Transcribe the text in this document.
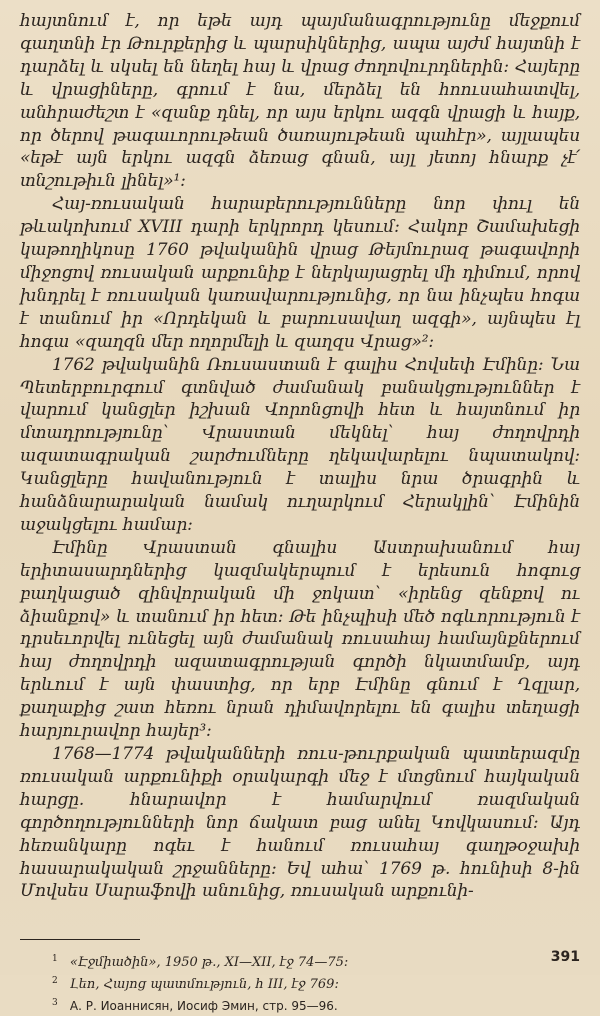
հայտնում է, որ եթե այդ պայմանագրությունը մեջքում գաղտնի էր Թուրքերից և պարսիկներից, ապա այժմ հայտնի է դարձել և սկսել են նեղել հայ և վրաց ժողովուրդներին: Հայերը և վրացիները, գրում է նա, մերձել են հոուսահատվել, անհրաժեշտ է «զանք դնել, որ այս երկու ազգն վրացի և հայք, որ ծերով թագաւորութեան ծառայութեան պահէր», այլապես «եթէ այն երկու ազգն ձեռաց գնան, այլ յետոյ հնարք չէ՛ տնշութիւն լինել»¹:

Հայ-ռուսական հարաբերությունները նոր փուլ են թևակոխում XVIII դարի երկրորդ կեսում: Հակոբ Շամախեցի կաթողիկոսը 1760 թվականին վրաց Թեյմուրազ թագավորի միջոցով ռուսական արքունիք է ներկայացրել մի դիմում, որով խնդրել է ռուսական կառավարությունից, որ նա ինչպես հոգա է տանում իր «Որդեկան և բարուսավաղ ազգի», այնպես էլ հոգա «զաղզն մեր ողորմելի և զաղզս Վրաց»²:

1762 թվականին Ռուսաստան է գալիս Հովսեփ Էմինը: Նա Պետերբուրգում գտնված ժամանակ բանակցություններ է վարում կանցլեր իշխան Վորոնցովի հետ և հայտնում իր մտադրությունը՝ Վրաստան մեկնել՝ հայ ժողովրդի ազատագրական շարժումները ղեկավարելու նպատակով: Կանցլերը հավանություն է տալիս նրա ծրագրին և հանձնարարական նամակ ուղարկում Հերակլին՝ Էմինին աջակցելու համար:

Էմինը Վրաստան գնալիս Աստրախանում հայ երիտասարդներից կազմակերպում է երեսուն հոգուց բաղկացած զինվորական մի ջոկատ՝ «իրենց զենքով ու ձիանքով» և տանում իր հետ: Թե ինչպիսի մեծ ոգևորություն է դրսեւորվել ունեցել այն ժամանակ ռուսահայ համայնքներում հայ ժողովրդի ազատագրության գործի նկատմամբ, այդ երևում է այն փաստից, որ երբ Էմինը գնում է Ղզլար, քաղաքից շատ հեռու նրան դիմավորելու են գալիս տեղացի հարյուրավոր հայեր³:

1768—1774 թվականների ռուս-թուրքական պատերազմը ռուսական արքունիքի օրակարգի մեջ է մտցնում հայկական հարցը. հնարավոր է համարվում ռազմական գործողությունների նոր ճակատ բաց անել Կովկասում: Այդ հեռանկարը ոգեւ է հանում ռուսահայ գաղթօջախի հասարակական շրջանները: Եվ ահա՝ 1769 թ. հունիսի 8-ին Մովսես Սարաֆովի անունից, ռուսական արքունի-

$^1$ «Էջմիածին», 1950 թ., XI—XII, էջ 74—75:

$^2$ Լեո, Հայոց պատմություն, հ III, էջ 769:

$^3$ А. Р. Иоаннисян, Иосиф Эмин, стр. 95—96.

391
